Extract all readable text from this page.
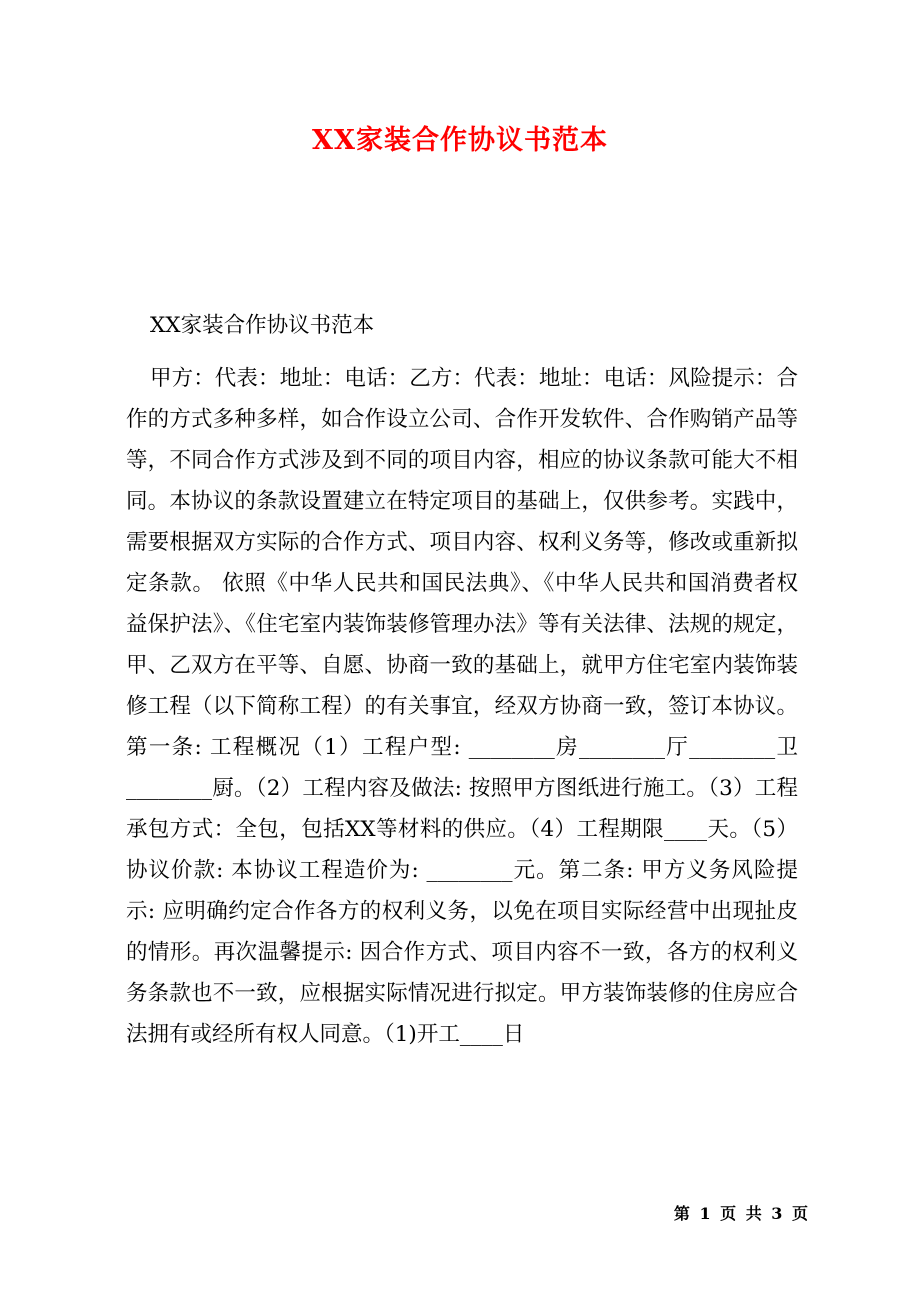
XX家装合作协议书范本

XX家装合作协议书范本

甲方：代表：地址：电话：乙方：代表：地址：电话：风险提示：合作的方式多种多样，如合作设立公司、合作开发软件、合作购销产品等等，不同合作方式涉及到不同的项目内容，相应的协议条款可能大不相同。本协议的条款设置建立在特定项目的基础上，仅供参考。实践中，需要根据双方实际的合作方式、项目内容、权利义务等，修改或重新拟定条款。 依照《中华人民共和国民法典》、《中华人民共和国消费者权益保护法》、《住宅室内装饰装修管理办法》等有关法律、法规的规定，甲、乙双方在平等、自愿、协商一致的基础上，就甲方住宅室内装饰装修工程（以下简称工程）的有关事宜，经双方协商一致，签订本协议。第一条: 工程概况（1）工程户型: ________房________厅________卫________厨。（2）工程内容及做法: 按照甲方图纸进行施工。（3）工程承包方式：全包，包括XX等材料的供应。（4）工程期限____天。（5）协议价款: 本协议工程造价为: ________元。第二条: 甲方义务风险提示: 应明确约定合作各方的权利义务，以免在项目实际经营中出现扯皮的情形。再次温馨提示: 因合作方式、项目内容不一致，各方的权利义务条款也不一致，应根据实际情况进行拟定。甲方装饰装修的住房应合法拥有或经所有权人同意。（1)开工____日

第 1 页 共 3 页
